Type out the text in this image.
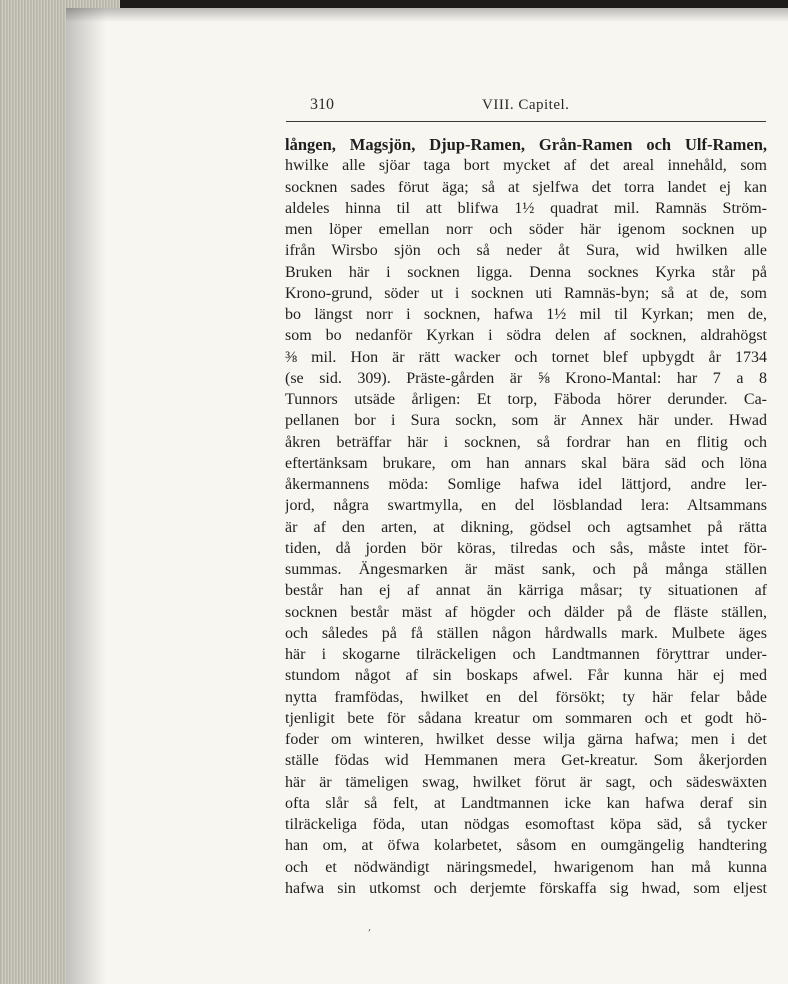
310	VIII. Capitel.
lången, Magsjön, Djup-Ramen, Grån-Ramen och Ulf-Ramen,
hwilke alle sjöar taga bort mycket af det areal innehåld, som
socknen sades förut äga; så at sjelfwa det torra landet ej kan
aldeles hinna til att blifwa 1½ quadrat mil. Ramnäs Ström-
men löper emellan norr och söder här igenom socknen up
ifrån Wirsbo sjön och så neder åt Sura, wid hwilken alle
Bruken här i socknen ligga. Denna socknes Kyrka står på
Krono-grund, söder ut i socknen uti Ramnäs-byn; så at de, som
bo längst norr i socknen, hafwa 1½ mil til Kyrkan; men de,
som bo nedanför Kyrkan i södra delen af socknen, aldrahögst
⅜ mil. Hon är rätt wacker och tornet blef upbygdt år 1734
(se sid. 309). Präste-gården är ⅝ Krono-Mantal: har 7 a 8
Tunnors utsäde årligen: Et torp, Fäboda hörer derunder. Ca-
pellanen bor i Sura sockn, som är Annex här under. Hwad
åkren beträffar här i socknen, så fordrar han en flitig och
eftertänksam brukare, om han annars skal bära säd och löna
åkermannens möda: Somlige hafwa idel lättjord, andre ler-
jord, några swartmylla, en del lösblandad lera: Altsammans
är af den arten, at dikning, gödsel och agtsamhet på rätta
tiden, då jorden bör köras, tilredas och sås, måste intet för-
summas. Ängesmarken är mäst sank, och på många ställen
består han ej af annat än kärriga måsar; ty situationen af
socknen består mäst af högder och dälder på de fläste ställen,
och således på få ställen någon hårdwalls mark. Mulbete äges
här i skogarne tilräckeligen och Landtmannen föryttrar under-
stundom något af sin boskaps afwel. Får kunna här ej med
nytta framfödas, hwilket en del försökt; ty här felar både
tjenligit bete för sådana kreatur om sommaren och et godt hö-
foder om winteren, hwilket desse wilja gärna hafwa; men i det
ställe födas wid Hemmanen mera Get-kreatur. Som åkerjorden
här är tämeligen swag, hwilket förut är sagt, och sädeswäxten
ofta slår så felt, at Landtmannen icke kan hafwa deraf sin
tilräckeliga föda, utan nödgas esomoftast köpa säd, så tycker
han om, at öfwa kolarbetet, såsom en oumgängelig handtering
och et nödwändigt näringsmedel, hwarigenom han må kunna
hafwa sin utkomst och derjemte förskaffa sig hwad, som eljest
,
